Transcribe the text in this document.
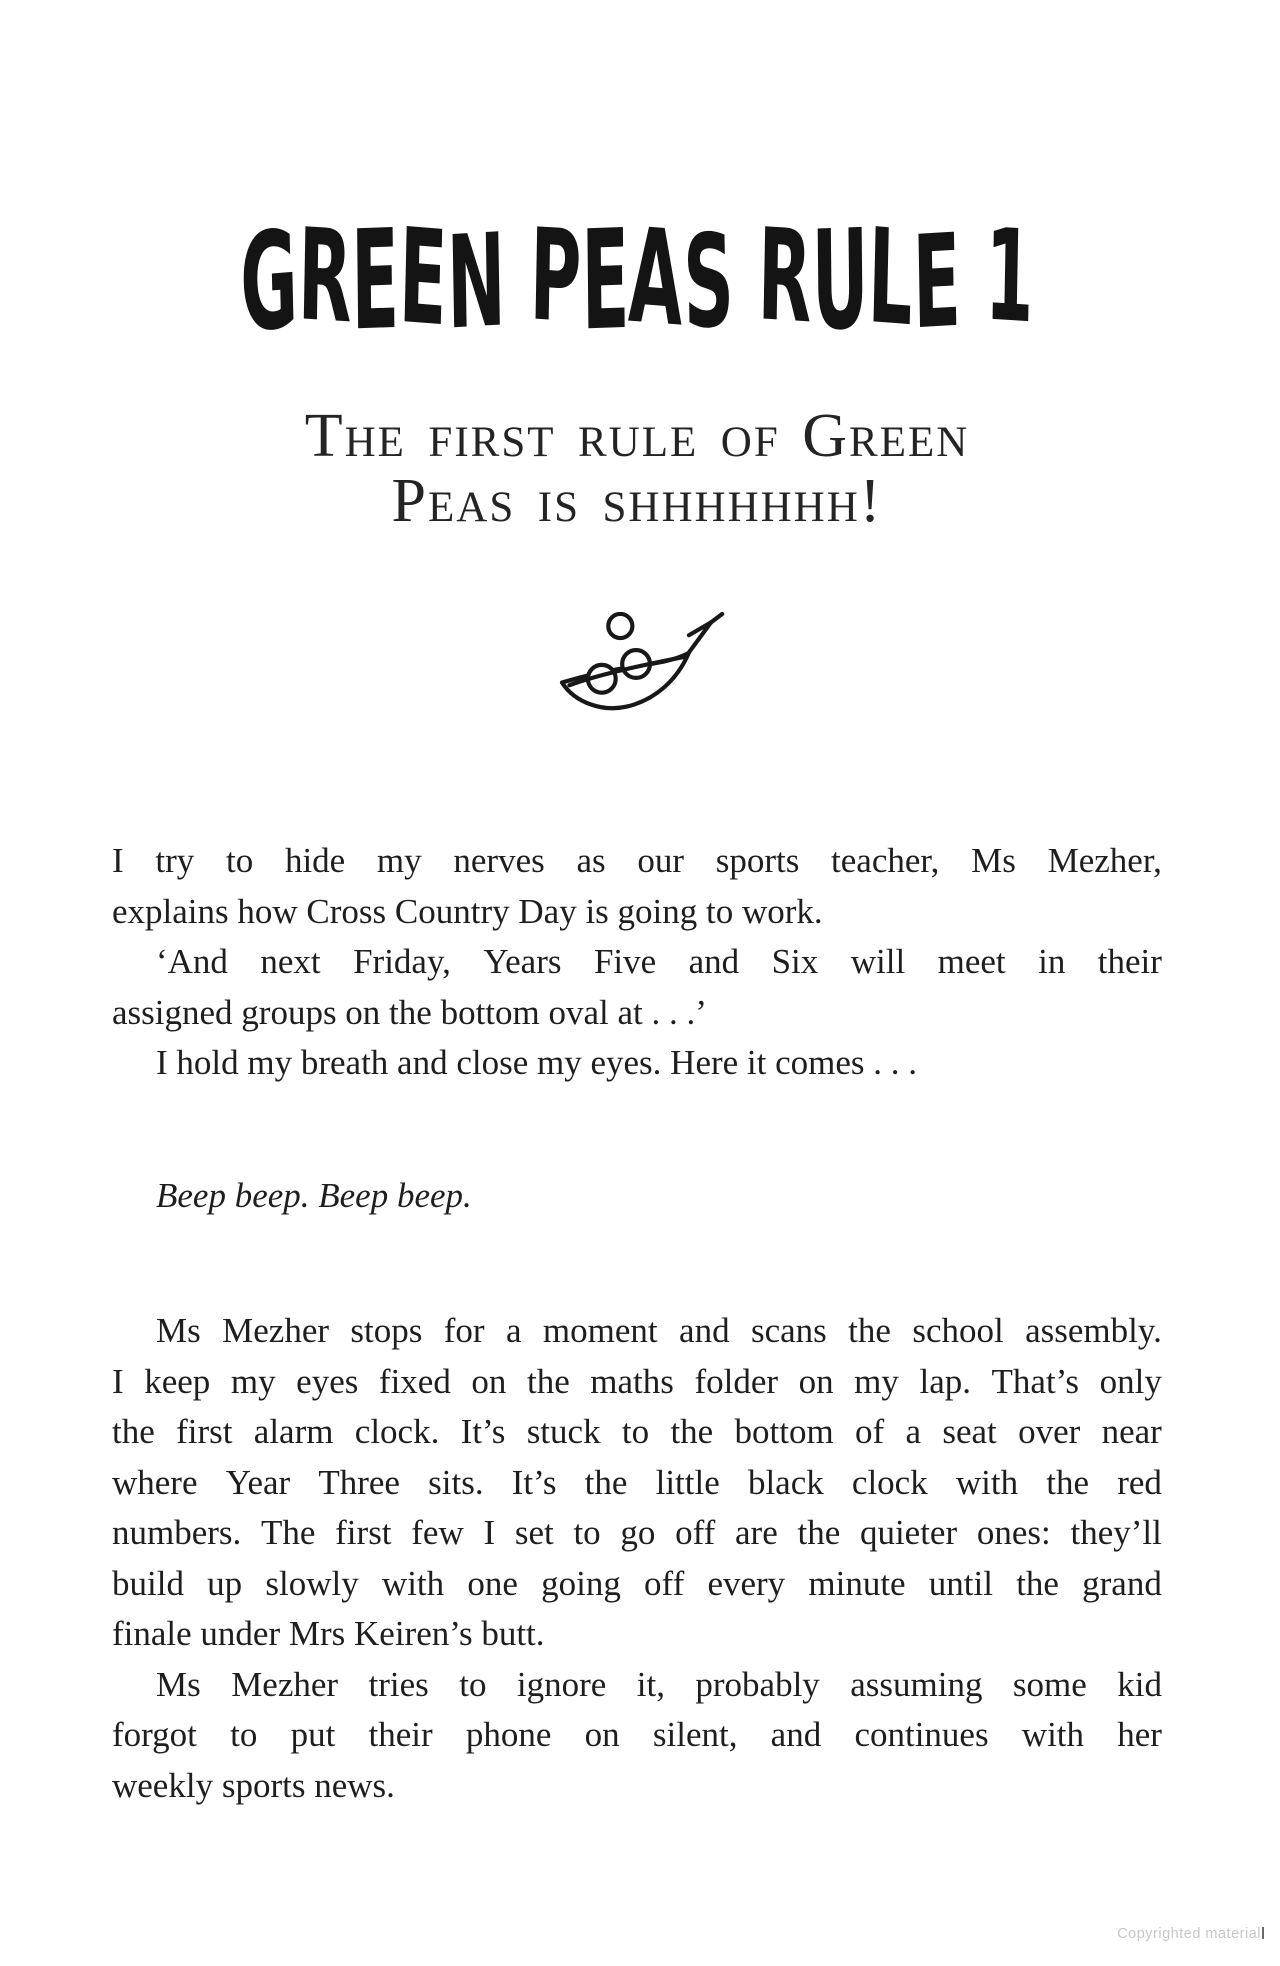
GREEN PEAS RULE 1
The first rule of Green
Peas is shhhhhhh!
I try to hide my nerves as our sports teacher, Ms Mezher,
explains how Cross Country Day is going to work.
‘And next Friday, Years Five and Six will meet in their
assigned groups on the bottom oval at . . .’
I hold my breath and close my eyes. Here it comes . . .
Beep beep. Beep beep.
Ms Mezher stops for a moment and scans the school assembly.
I keep my eyes fixed on the maths folder on my lap. That’s only
the first alarm clock. It’s stuck to the bottom of a seat over near
where Year Three sits. It’s the little black clock with the red
numbers. The first few I set to go off are the quieter ones: they’ll
build up slowly with one going off every minute until the grand
finale under Mrs Keiren’s butt.
Ms Mezher tries to ignore it, probably assuming some kid
forgot to put their phone on silent, and continues with her
weekly sports news.
Copyrighted material
